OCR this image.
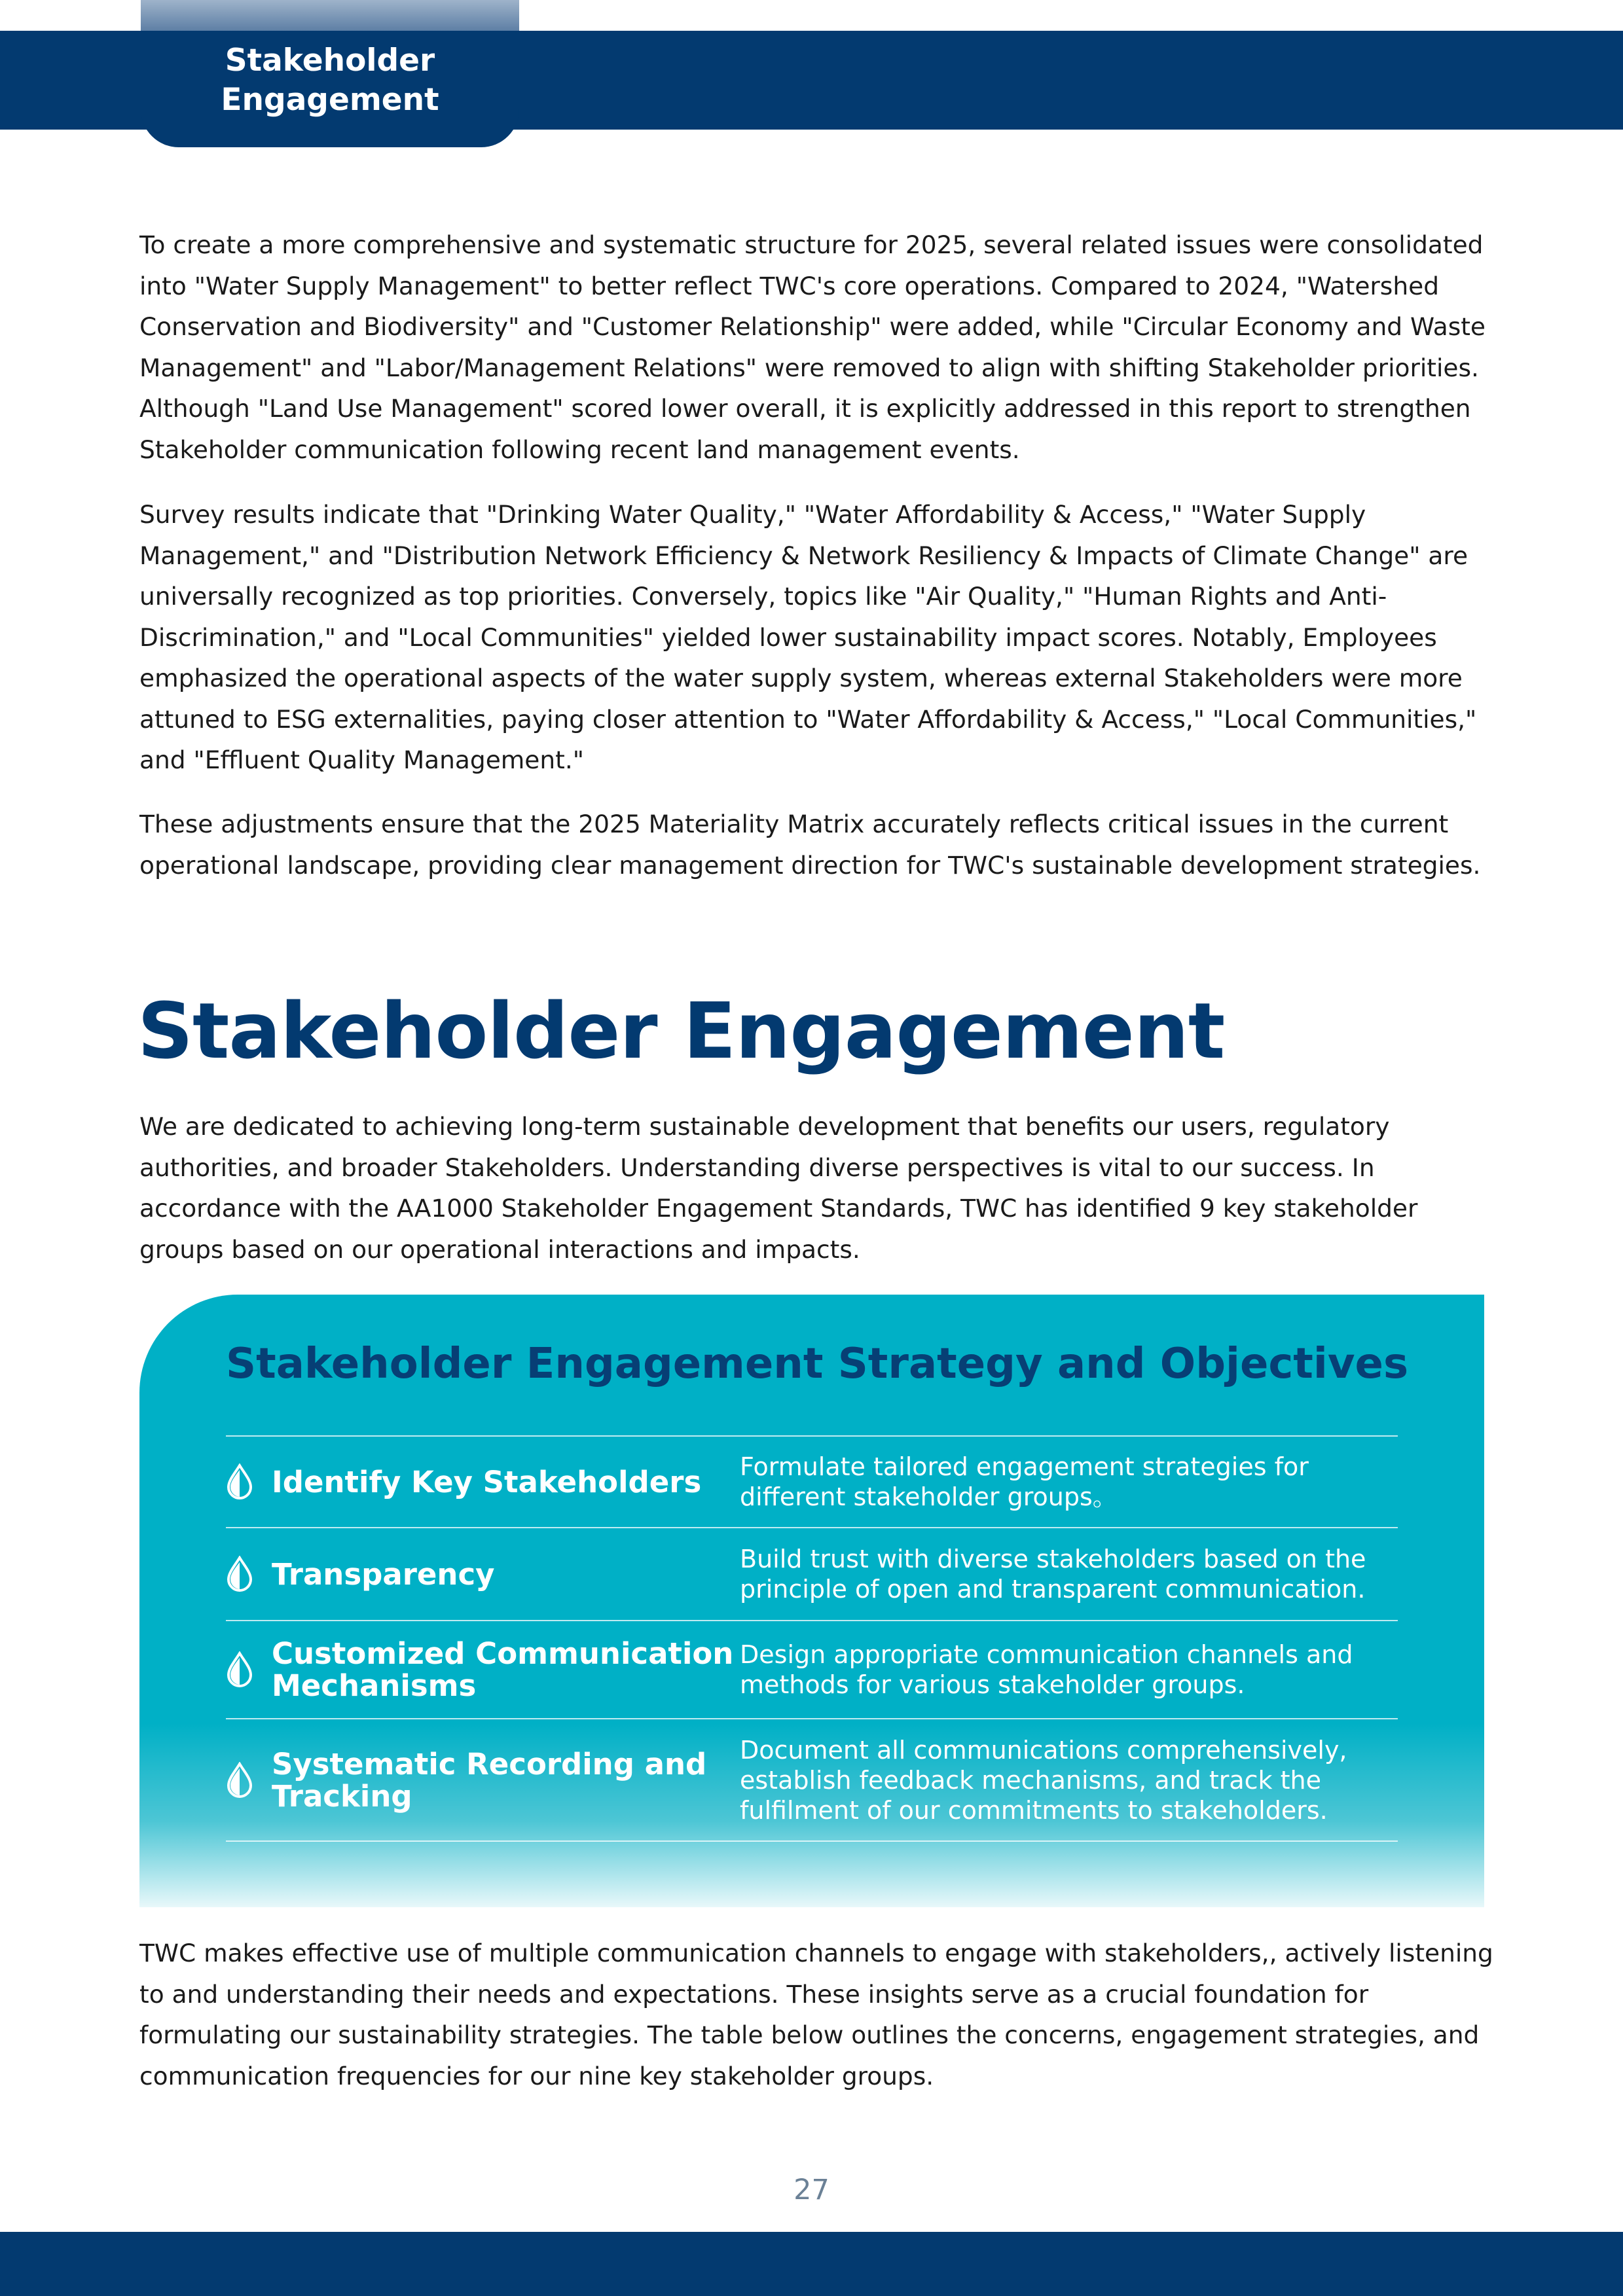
Stakeholder
Engagement

To create a more comprehensive and systematic structure for 2025, several related issues were consolidated into "Water Supply Management" to better reflect TWC's core operations. Compared to 2024, "Watershed Conservation and Biodiversity" and "Customer Relationship" were added, while "Circular Economy and Waste Management" and "Labor/Management Relations" were removed to align with shifting Stakeholder priorities. Although "Land Use Management" scored lower overall, it is explicitly addressed in this report to strengthen Stakeholder communication following recent land management events.

Survey results indicate that "Drinking Water Quality," "Water Affordability & Access," "Water Supply Management," and "Distribution Network Efficiency & Network Resiliency & Impacts of Climate Change" are universally recognized as top priorities. Conversely, topics like "Air Quality," "Human Rights and Anti-Discrimination," and "Local Communities" yielded lower sustainability impact scores. Notably, Employees emphasized the operational aspects of the water supply system, whereas external Stakeholders were more attuned to ESG externalities, paying closer attention to "Water Affordability & Access," "Local Communities," and "Effluent Quality Management."

These adjustments ensure that the 2025 Materiality Matrix accurately reflects critical issues in the current operational landscape, providing clear management direction for TWC's sustainable development strategies.

Stakeholder Engagement

We are dedicated to achieving long-term sustainable development that benefits our users, regulatory authorities, and broader Stakeholders. Understanding diverse perspectives is vital to our success. In accordance with the AA1000 Stakeholder Engagement Standards, TWC has identified 9 key stakeholder groups based on our operational interactions and impacts.

Stakeholder Engagement Strategy and Objectives
Identify Key Stakeholders Formulate tailored engagement strategies for
different stakeholder groups。
Transparency	Build trust with diverse stakeholders based on the
principle of open and transparent communication.
Customized Communication
Mechanisms
Design appropriate communication channels and
methods for various stakeholder groups.
Systematic Recording and
Tracking
Document all communications comprehensively,
establish feedback mechanisms, and track the
fulfilment of our commitments to stakeholders.

TWC makes effective use of multiple communication channels to engage with stakeholders,, actively listening to and understanding their needs and expectations. These insights serve as a crucial foundation for formulating our sustainability strategies. The table below outlines the concerns, engagement strategies, and communication frequencies for our nine key stakeholder groups.

27
